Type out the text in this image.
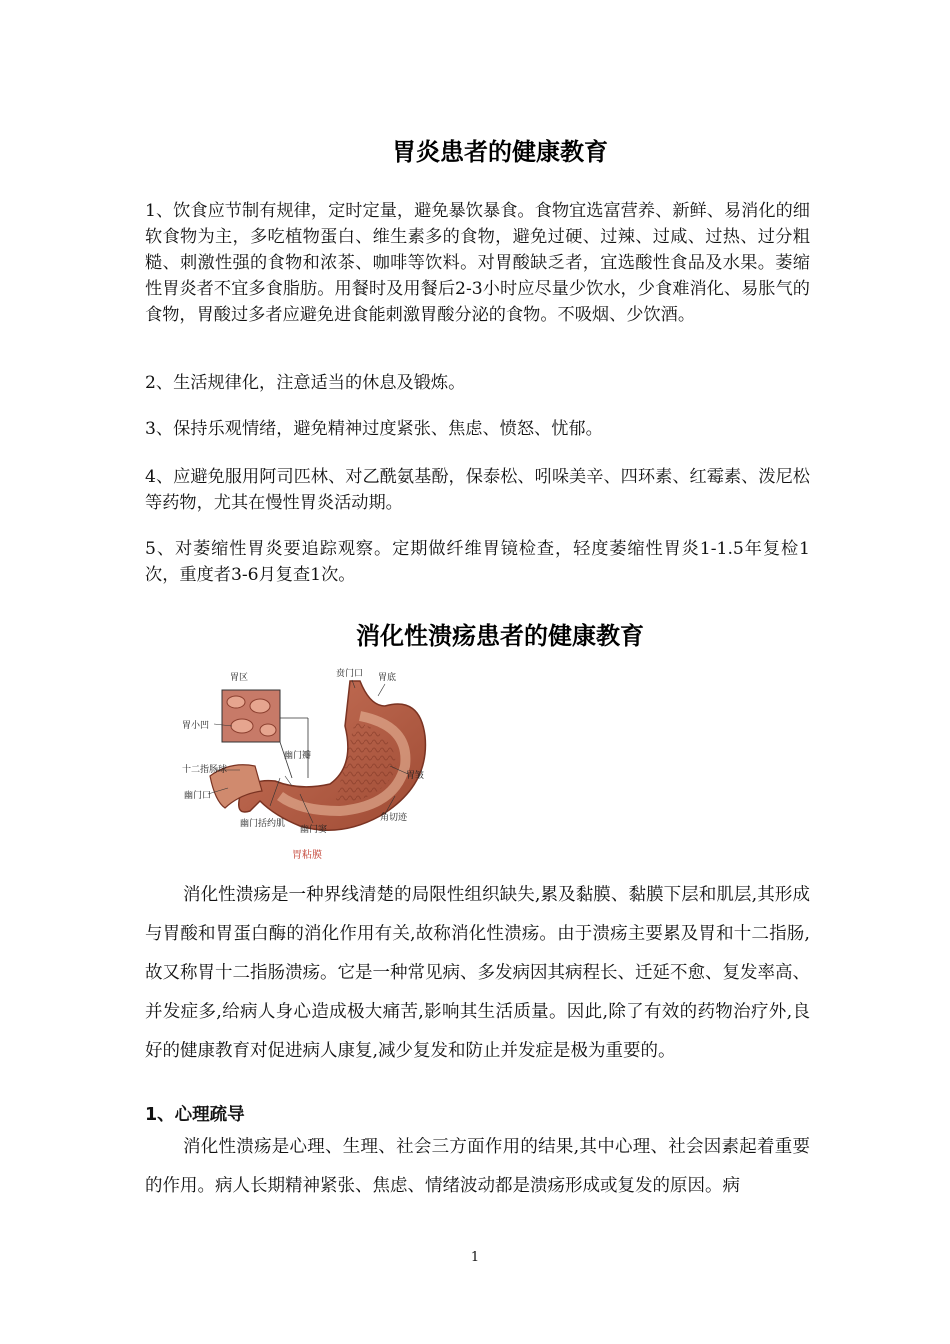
胃炎患者的健康教育

1、饮食应节制有规律，定时定量，避免暴饮暴食。食物宜选富营养、新鲜、易消化的细软食物为主，多吃植物蛋白、维生素多的食物，避免过硬、过辣、过咸、过热、过分粗糙、刺激性强的食物和浓茶、咖啡等饮料。对胃酸缺乏者，宜选酸性食品及水果。萎缩性胃炎者不宜多食脂肪。用餐时及用餐后2-3小时应尽量少饮水，少食难消化、易胀气的食物，胃酸过多者应避免进食能刺激胃酸分泌的食物。不吸烟、少饮酒。

2、生活规律化，注意适当的休息及锻炼。

3、保持乐观情绪，避免精神过度紧张、焦虑、愤怒、忧郁。

4、应避免服用阿司匹林、对乙酰氨基酚，保泰松、吲哚美辛、四环素、红霉素、泼尼松等药物，尤其在慢性胃炎活动期。

5、对萎缩性胃炎要追踪观察。定期做纤维胃镜检查，轻度萎缩性胃炎1-1.5年复检1次，重度者3-6月复查1次。

消化性溃疡患者的健康教育
胃区	贲门口 胃底
胃小凹
幽门瓣
十二指肠球
胃皱
幽门口
幽门括约肌
幽门窦
角切迹
胃粘膜

消化性溃疡是一种界线清楚的局限性组织缺失,累及黏膜、黏膜下层和肌层,其形成与胃酸和胃蛋白酶的消化作用有关,故称消化性溃疡。由于溃疡主要累及胃和十二指肠,故又称胃十二指肠溃疡。它是一种常见病、多发病因其病程长、迁延不愈、复发率高、并发症多,给病人身心造成极大痛苦,影响其生活质量。因此,除了有效的药物治疗外,良好的健康教育对促进病人康复,减少复发和防止并发症是极为重要的。

1、心理疏导

消化性溃疡是心理、生理、社会三方面作用的结果,其中心理、社会因素起着重要的作用。病人长期精神紧张、焦虑、情绪波动都是溃疡形成或复发的原因。病

1
